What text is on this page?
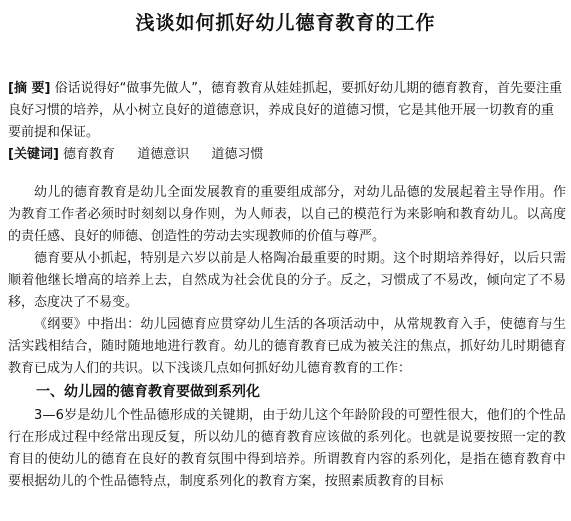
浅谈如何抓好幼儿德育教育的工作
[摘 要] 俗话说得好“做事先做人”，德育教育从娃娃抓起，要抓好幼儿期的德育教育，首先要注重良好习惯的培养，从小树立良好的道德意识，养成良好的道德习惯，它是其他开展一切教育的重要前提和保证。
[关键词] 德育教育 道德意识 道德习惯

幼儿的德育教育是幼儿全面发展教育的重要组成部分，对幼儿品德的发展起着主导作用。作为教育工作者必须时时刻刻以身作则，为人师表，以自己的模范行为来影响和教育幼儿。以高度的责任感、良好的师德、创造性的劳动去实现教师的价值与尊严。

德育要从小抓起，特别是六岁以前是人格陶冶最重要的时期。这个时期培养得好，以后只需顺着他继长增高的培养上去，自然成为社会优良的分子。反之，习惯成了不易改，倾向定了不易移，态度决了不易变。

《纲要》中指出：幼儿园德育应贯穿幼儿生活的各项活动中，从常规教育入手，使德育与生活实践相结合，随时随地地进行教育。幼儿的德育教育已成为被关注的焦点，抓好幼儿时期德育教育已成为人们的共识。以下浅谈几点如何抓好幼儿德育教育的工作：

一、幼儿园的德育教育要做到系列化

3—6岁是幼儿个性品德形成的关键期，由于幼儿这个年龄阶段的可塑性很大，他们的个性品行在形成过程中经常出现反复，所以幼儿的德育教育应该做的系列化。也就是说要按照一定的教育目的使幼儿的德育在良好的教育氛围中得到培养。所谓教育内容的系列化，是指在德育教育中要根据幼儿的个性品德特点，制度系列化的教育方案，按照素质教育的目标
